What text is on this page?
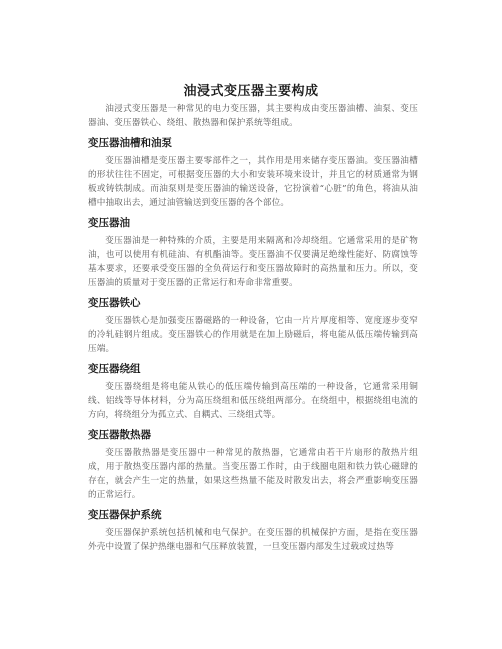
油浸式变压器主要构成

油浸式变压器是一种常见的电力变压器，其主要构成由变压器油槽、油泵、变压器油、变压器铁心、绕组、散热器和保护系统等组成。

变压器油槽和油泵

变压器油槽是变压器主要零部件之一，其作用是用来储存变压器油。变压器油槽的形状往往不固定，可根据变压器的大小和安装环境来设计，并且它的材质通常为钢板或铸铁制成。而油泵则是变压器油的输送设备，它扮演着“心脏”的角色，将油从油槽中抽取出去，通过油管输送到变压器的各个部位。

变压器油

变压器油是一种特殊的介质，主要是用来隔离和冷却绕组。它通常采用的是矿物油，也可以使用有机硅油、有机酯油等。变压器油不仅要满足绝缘性能好、防腐蚀等基本要求，还要承受变压器的全负荷运行和变压器故障时的高热量和压力。所以，变压器油的质量对于变压器的正常运行和寿命非常重要。

变压器铁心

变压器铁心是加强变压器磁路的一种设备，它由一片片厚度相等、宽度逐步变窄的冷轧硅钢片组成。变压器铁心的作用就是在加上励磁后，将电能从低压端传输到高压端。

变压器绕组

变压器绕组是将电能从铁心的低压端传输到高压端的一种设备，它通常采用铜线、铝线等导体材料，分为高压绕组和低压绕组两部分。在绕组中，根据绕组电流的方向，将绕组分为孤立式、自耦式、三绕组式等。

变压器散热器

变压器散热器是变压器中一种常见的散热器，它通常由若干片扇形的散热片组成，用于散热变压器内部的热量。当变压器工作时，由于线圈电阻和铁力铁心磁肆的存在，就会产生一定的热量，如果这些热量不能及时散发出去，将会严重影响变压器的正常运行。

变压器保护系统

变压器保护系统包括机械和电气保护。在变压器的机械保护方面，是指在变压器外壳中设置了保护热继电器和气压释放装置，一旦变压器内部发生过载或过热等
